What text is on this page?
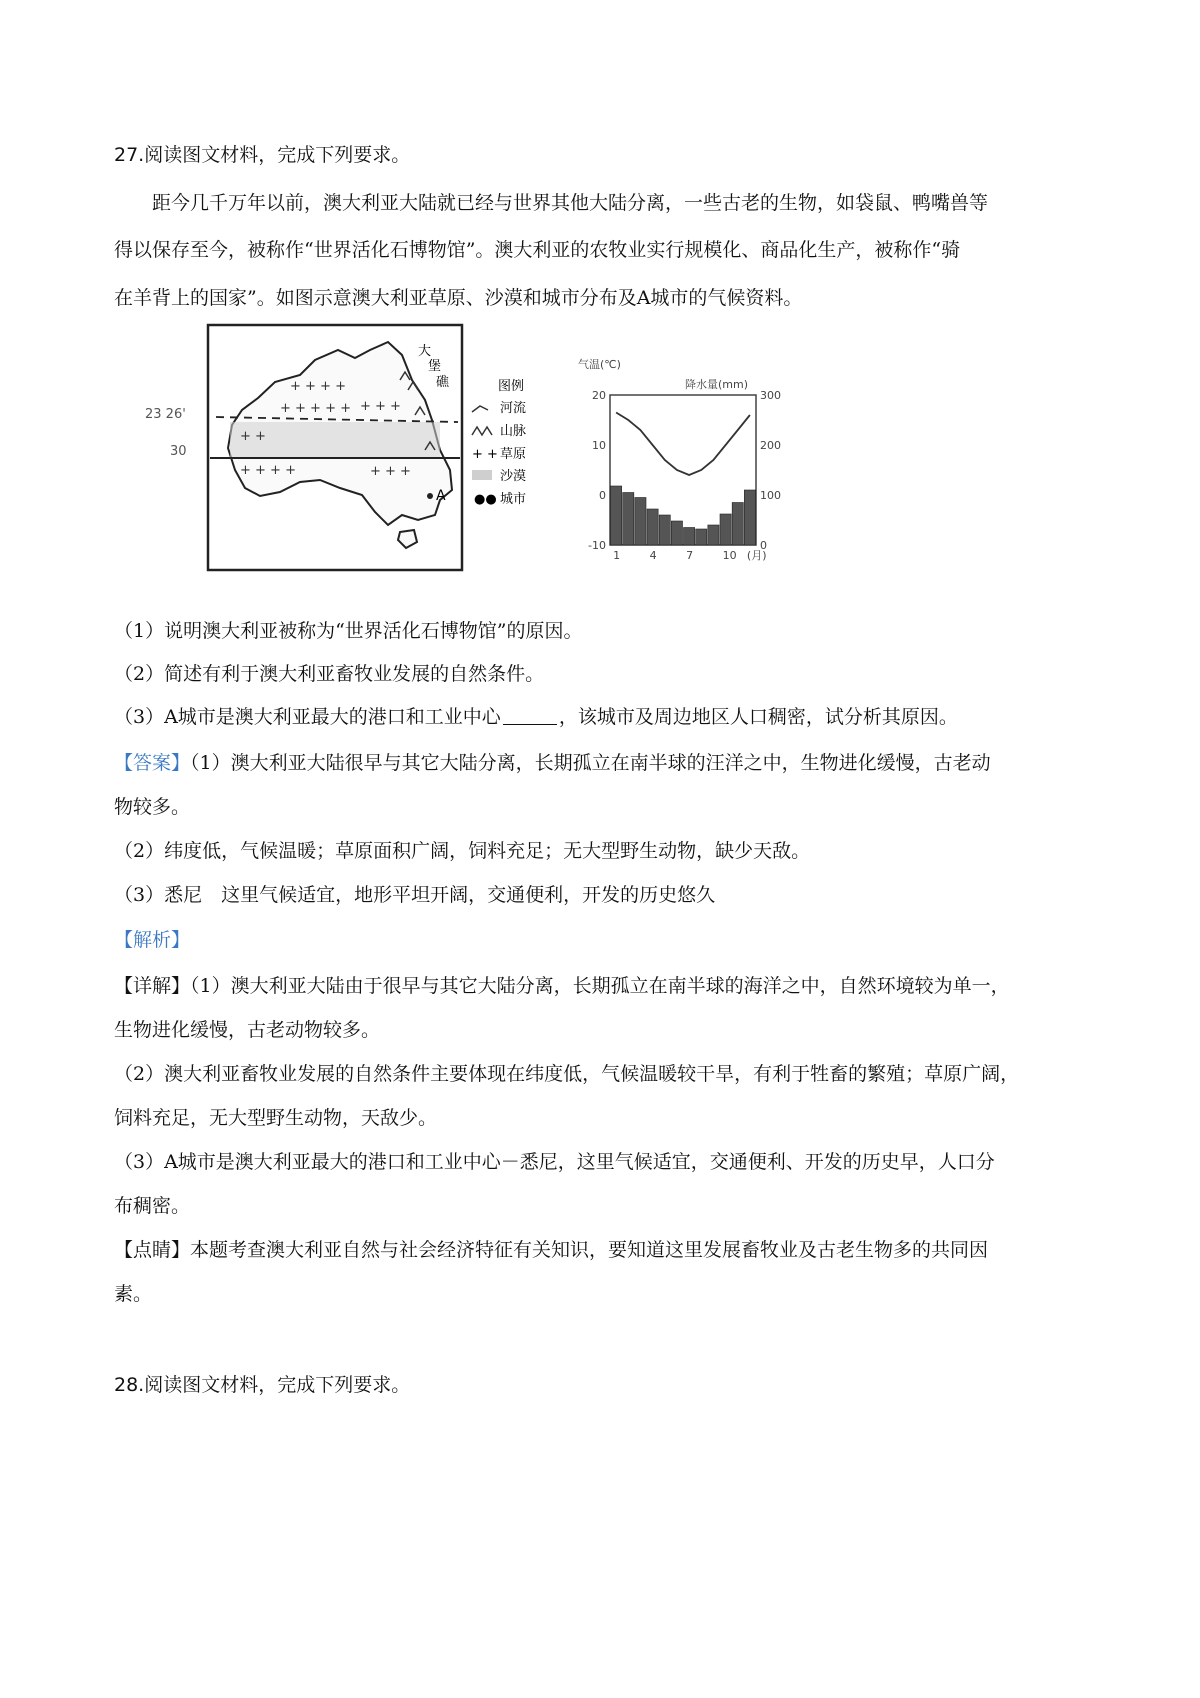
27.阅读图文材料，完成下列要求。
距今几千万年以前，澳大利亚大陆就已经与世界其他大陆分离，一些古老的生物，如袋鼠、鸭嘴兽等
得以保存至今，被称作“世界活化石博物馆”。澳大利亚的农牧业实行规模化、商品化生产，被称作“骑
在羊背上的国家”。如图示意澳大利亚草原、沙漠和城市分布及A城市的气候资料。
+ + + +
+ + + + +
+ +
+ + + +
+ + +
+ + +
大
堡
礁
23 26'
30
A
图例
河流
山脉
+ + 草原
沙漠
●● 城市
气温(℃)
降水量(mm)
20
10
0
-10
300
200
100
0
1	4	7	10 (月)
（1）说明澳大利亚被称为“世界活化石博物馆”的原因。
（2）简述有利于澳大利亚畜牧业发展的自然条件。
（3）A城市是澳大利亚最大的港口和工业中心	，该城市及周边地区人口稠密，试分析其原因。
【答案】（1）澳大利亚大陆很早与其它大陆分离，长期孤立在南半球的汪洋之中，生物进化缓慢，古老动
物较多。
（2）纬度低，气候温暖；草原面积广阔，饲料充足；无大型野生动物，缺少天敌。
（3）悉尼　这里气候适宜，地形平坦开阔，交通便利，开发的历史悠久
【解析】
【详解】（1）澳大利亚大陆由于很早与其它大陆分离，长期孤立在南半球的海洋之中，自然环境较为单一，
生物进化缓慢，古老动物较多。
（2）澳大利亚畜牧业发展的自然条件主要体现在纬度低，气候温暖较干旱，有利于牲畜的繁殖；草原广阔，
饲料充足，无大型野生动物，天敌少。
（3）A城市是澳大利亚最大的港口和工业中心－悉尼，这里气候适宜，交通便利、开发的历史早，人口分
布稠密。
【点睛】本题考查澳大利亚自然与社会经济特征有关知识，要知道这里发展畜牧业及古老生物多的共同因
素。
28.阅读图文材料，完成下列要求。
